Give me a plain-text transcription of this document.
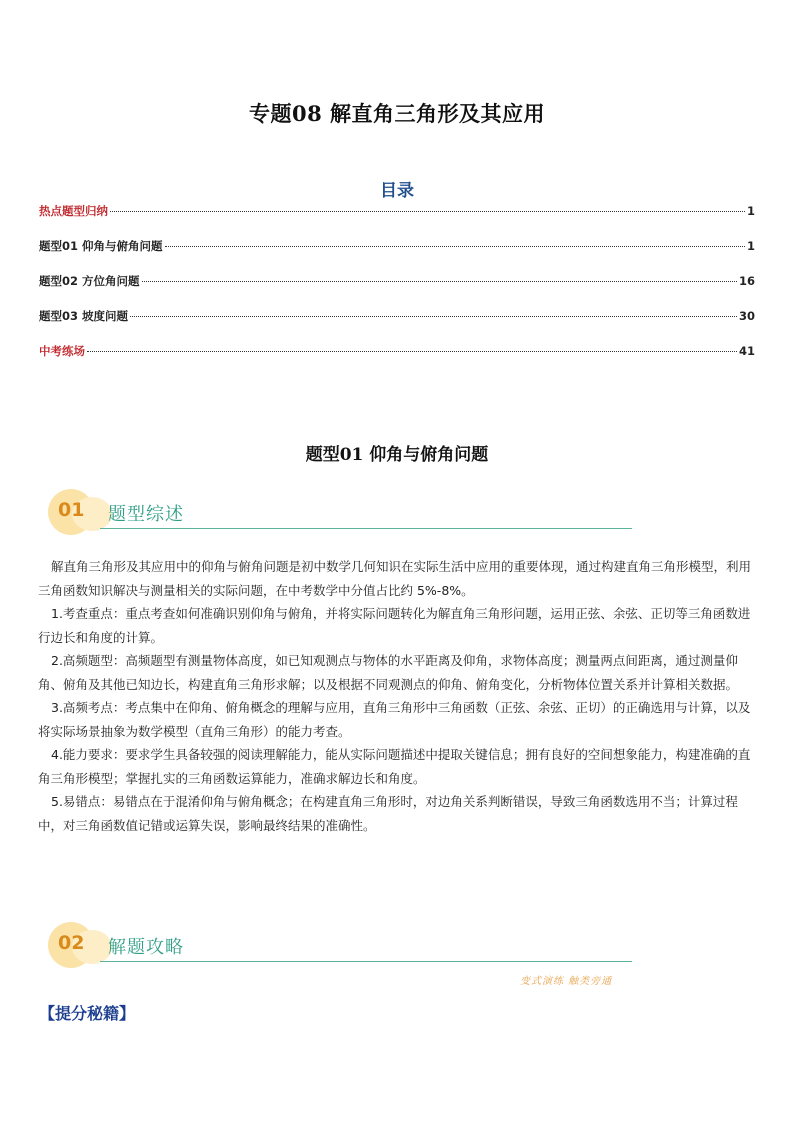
专题08 解直角三角形及其应用
目录
热点题型归纳	1
题型01 仰角与俯角问题	1
题型02 方位角问题	16
题型03 坡度问题	30
中考练场	41
题型01 仰角与俯角问题
01 题型综述

解直角三角形及其应用中的仰角与俯角问题是初中数学几何知识在实际生活中应用的重要体现，通过构建直角三角形模型，利用三角函数知识解决与测量相关的实际问题，在中考数学中分值占比约 5%-8%。

1.考查重点：重点考查如何准确识别仰角与俯角，并将实际问题转化为解直角三角形问题，运用正弦、余弦、正切等三角函数进行边长和角度的计算。

2.高频题型：高频题型有测量物体高度，如已知观测点与物体的水平距离及仰角，求物体高度；测量两点间距离，通过测量仰角、俯角及其他已知边长，构建直角三角形求解；以及根据不同观测点的仰角、俯角变化，分析物体位置关系并计算相关数据。

3.高频考点：考点集中在仰角、俯角概念的理解与应用，直角三角形中三角函数（正弦、余弦、正切）的正确选用与计算，以及将实际场景抽象为数学模型（直角三角形）的能力考查。

4.能力要求：要求学生具备较强的阅读理解能力，能从实际问题描述中提取关键信息；拥有良好的空间想象能力，构建准确的直角三角形模型；掌握扎实的三角函数运算能力，准确求解边长和角度。

5.易错点：易错点在于混淆仰角与俯角概念；在构建直角三角形时，对边角关系判断错误，导致三角函数选用不当；计算过程中，对三角函数值记错或运算失误，影响最终结果的准确性。

02 解题攻略
变式演练 触类旁通
【提分秘籍】
